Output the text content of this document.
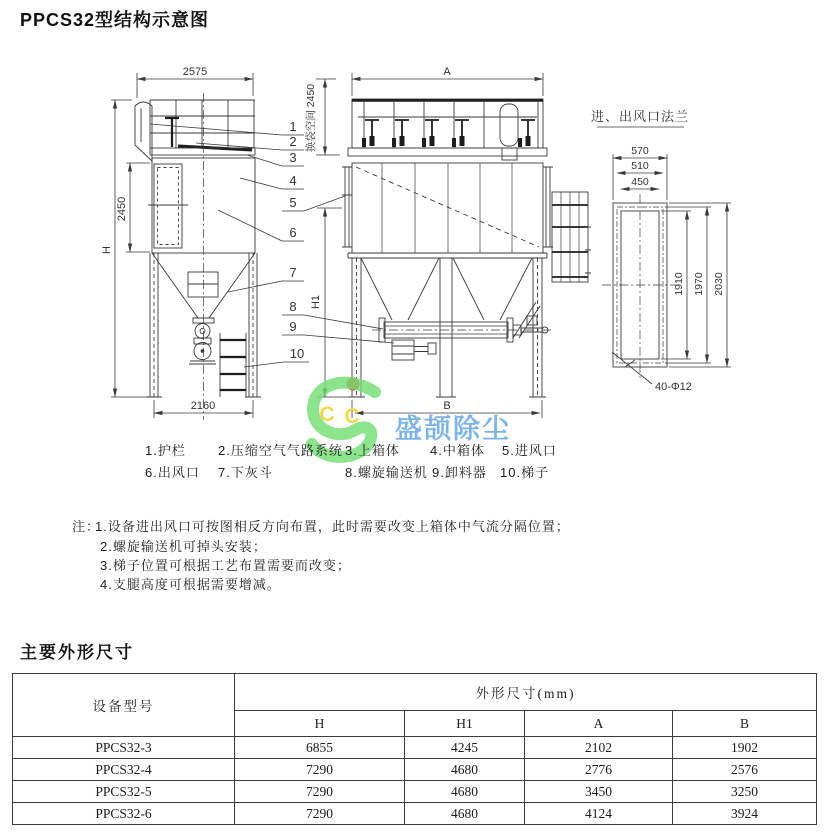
PPCS32型结构示意图
2575
H
2450
2160
A
换袋空间 2450
H1
B
进、出风口法兰
570
510
450
1910 1970 2030
40-Φ12
1
2
3
4
5
6
7
8
9
10
C C 盛颉除尘
1.护栏 2.压缩空气气路系统 3.上箱体 4.中箱体 5.进风口
6.出风口 7.下灰斗	8.螺旋输送机 9.卸料器 10.梯子
注：
1.设备进出风口可按图相反方向布置，此时需要改变上箱体中气流分隔位置；
2.螺旋输送机可掉头安装；
3.梯子位置可根据工艺布置需要而改变；
4.支腿高度可根据需要增减。
主要外形尺寸
设备型号	外形尺寸(mm)			
	H	H1	A	B
PPCS32-3	6855	4245	2102	1902
PPCS32-4	7290	4680	2776	2576
PPCS32-5	7290	4680	3450	3250
PPCS32-6	7290	4680	4124	3924
